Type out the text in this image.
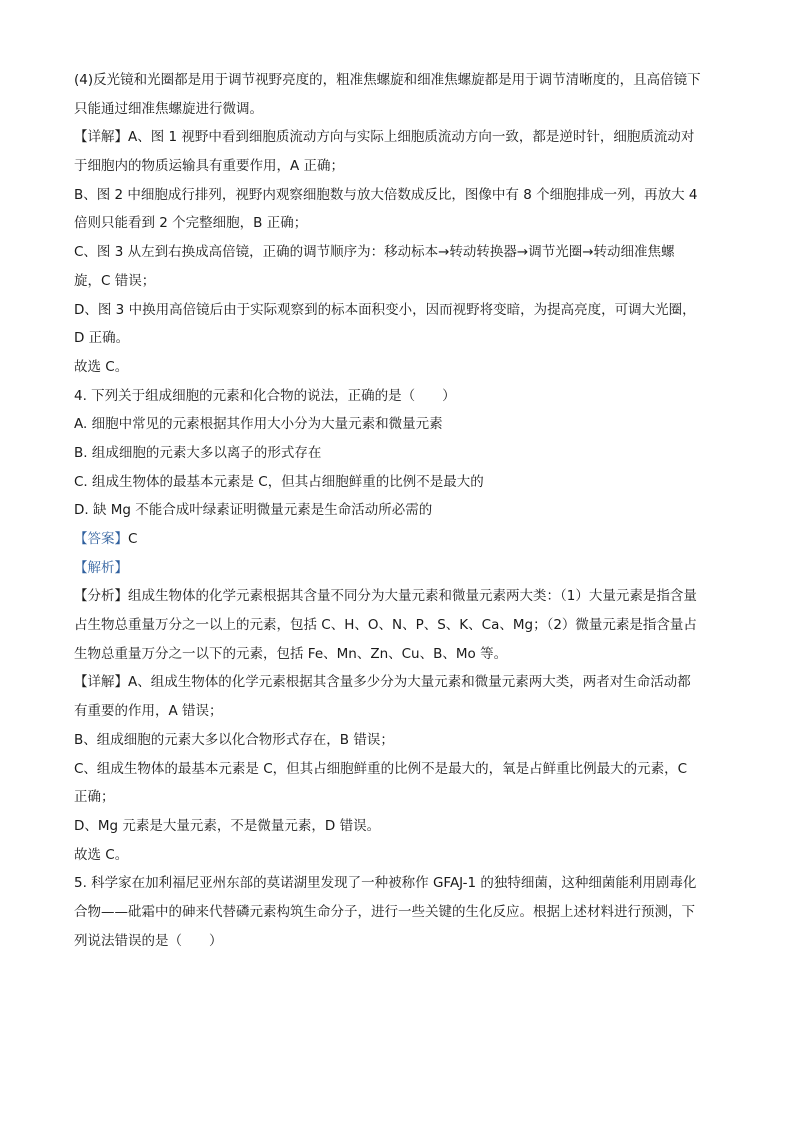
(4)反光镜和光圈都是用于调节视野亮度的，粗准焦螺旋和细准焦螺旋都是用于调节清晰度的，且高倍镜下
只能通过细准焦螺旋进行微调。
【详解】A、图 1 视野中看到细胞质流动方向与实际上细胞质流动方向一致，都是逆时针，细胞质流动对
于细胞内的物质运输具有重要作用，A 正确；
B、图 2 中细胞成行排列，视野内观察细胞数与放大倍数成反比，图像中有 8 个细胞排成一列，再放大 4
倍则只能看到 2 个完整细胞，B 正确；
C、图 3 从左到右换成高倍镜，正确的调节顺序为：移动标本→转动转换器→调节光圈→转动细准焦螺
旋，C 错误；
D、图 3 中换用高倍镜后由于实际观察到的标本面积变小，因而视野将变暗，为提高亮度，可调大光圈，
D 正确。
故选 C。
4. 下列关于组成细胞的元素和化合物的说法，正确的是（　　）
A. 细胞中常见的元素根据其作用大小分为大量元素和微量元素
B. 组成细胞的元素大多以离子的形式存在
C. 组成生物体的最基本元素是 C，但其占细胞鲜重的比例不是最大的
D. 缺 Mg 不能合成叶绿素证明微量元素是生命活动所必需的
【答案】C
【解析】
【分析】组成生物体的化学元素根据其含量不同分为大量元素和微量元素两大类：（1）大量元素是指含量
占生物总重量万分之一以上的元素，包括 C、H、O、N、P、S、K、Ca、Mg；（2）微量元素是指含量占
生物总重量万分之一以下的元素，包括 Fe、Mn、Zn、Cu、B、Mo 等。
【详解】A、组成生物体的化学元素根据其含量多少分为大量元素和微量元素两大类，两者对生命活动都
有重要的作用，A 错误；
B、组成细胞的元素大多以化合物形式存在，B 错误；
C、组成生物体的最基本元素是 C，但其占细胞鲜重的比例不是最大的，氧是占鲜重比例最大的元素，C
正确；
D、Mg 元素是大量元素，不是微量元素，D 错误。
故选 C。
5. 科学家在加利福尼亚州东部的莫诺湖里发现了一种被称作 GFAJ-1 的独特细菌，这种细菌能利用剧毒化
合物——砒霜中的砷来代替磷元素构筑生命分子，进行一些关键的生化反应。根据上述材料进行预测，下
列说法错误的是（　　）
